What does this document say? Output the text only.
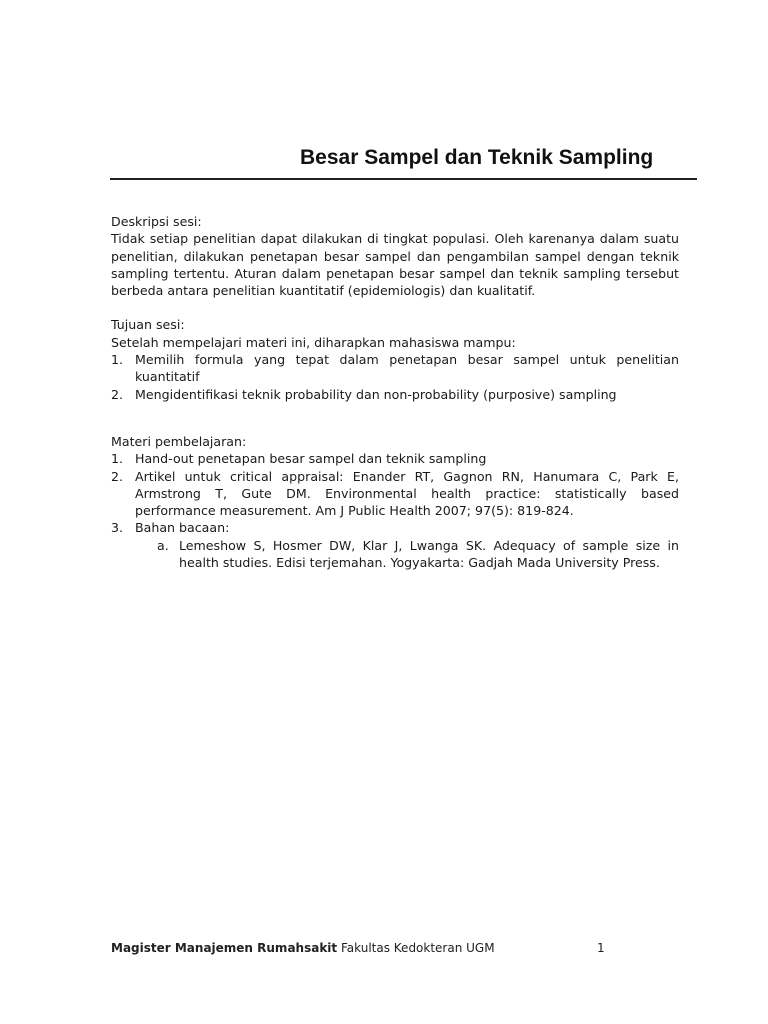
Besar Sampel dan Teknik Sampling

Deskripsi sesi:

Tidak setiap penelitian dapat dilakukan di tingkat populasi. Oleh karenanya dalam suatu penelitian, dilakukan penetapan besar sampel dan pengambilan sampel dengan teknik sampling tertentu. Aturan dalam penetapan besar sampel dan teknik sampling tersebut berbeda antara penelitian kuantitatif (epidemiologis) dan kualitatif.

Tujuan sesi:

Setelah mempelajari materi ini, diharapkan mahasiswa mampu:

1. Memilih formula yang tepat dalam penetapan besar sampel untuk penelitian kuantitatif
2. Mengidentifikasi teknik probability dan non-probability (purposive) sampling

Materi pembelajaran:

1. Hand-out penetapan besar sampel dan teknik sampling
2. Artikel untuk critical appraisal: Enander RT, Gagnon RN, Hanumara C, Park E, Armstrong T, Gute DM. Environmental health practice: statistically based performance measurement. Am J Public Health 2007; 97(5): 819-824.
3. Bahan bacaan:
a. Lemeshow S, Hosmer DW, Klar J, Lwanga SK. Adequacy of sample size in health studies. Edisi terjemahan. Yogyakarta: Gadjah Mada University Press.
Magister Manajemen Rumahsakit Fakultas Kedokteran UGM	1
